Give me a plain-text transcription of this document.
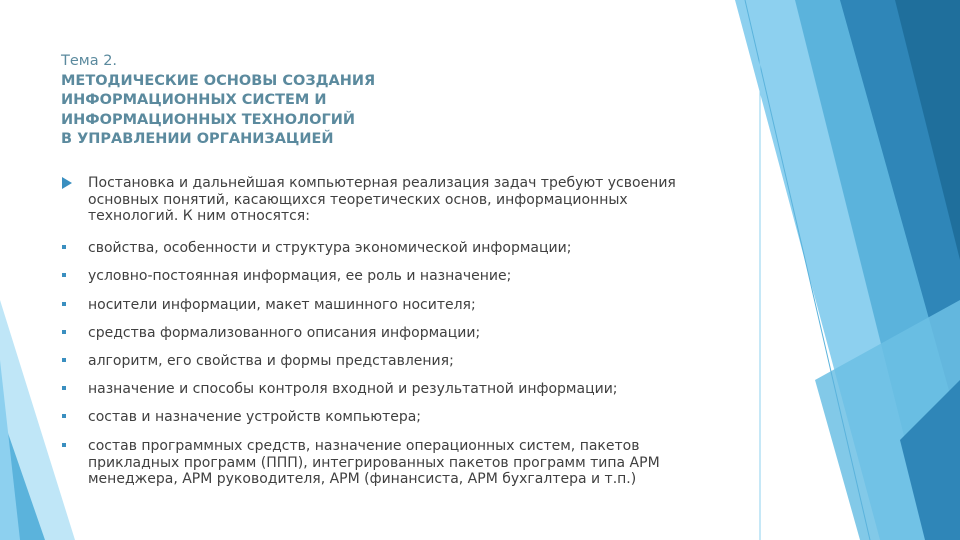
Тема 2.
МЕТОДИЧЕСКИЕ ОСНОВЫ СОЗДАНИЯ
ИНФОРМАЦИОННЫХ СИСТЕМ И
ИНФОРМАЦИОННЫХ ТЕХНОЛОГИЙ
В УПРАВЛЕНИИ ОРГАНИЗАЦИЕЙ
Постановка и дальнейшая компьютерная реализация задач требуют усвоения основных понятий, касающихся теоретических основ, информационных технологий. К ним относятся:
свойства, особенности и структура экономической информации;
условно-постоянная информация, ее роль и назначение;
носители информации, макет машинного носителя;
средства формализованного описания информации;
алгоритм, его свойства и формы представления;
назначение и способы контроля входной и результатной информации;
состав и назначение устройств компьютера;
состав программных средств, назначение операционных систем, пакетов прикладных программ (ППП), интегрированных пакетов программ типа АРМ менеджера, АРМ руководителя, АРМ (финансиста, АРМ бухгалтера и т.п.)
